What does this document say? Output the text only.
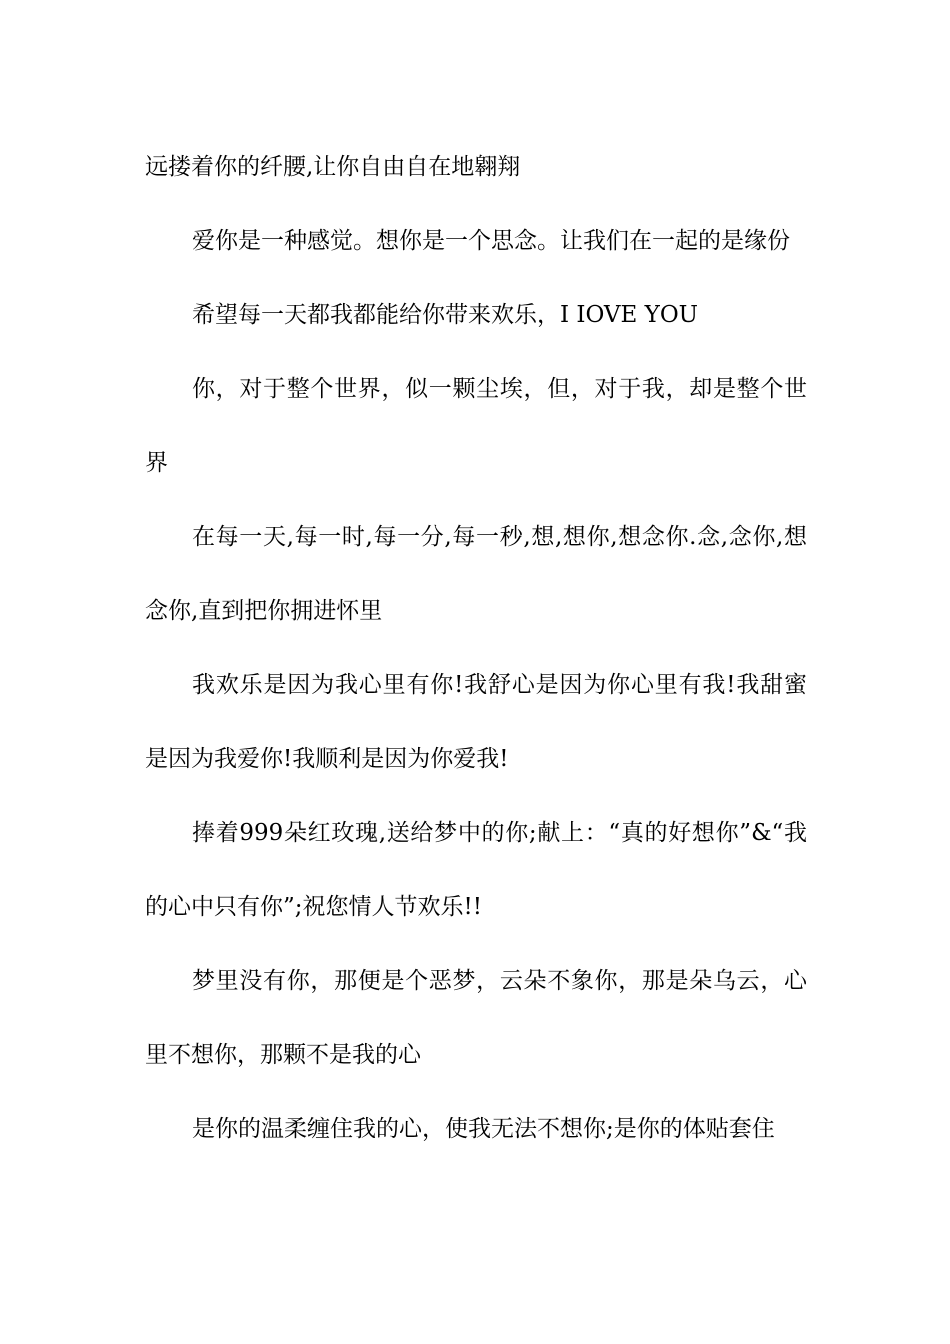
远搂着你的纤腰,让你自由自在地翱翔

爱你是一种感觉。想你是一个思念。让我们在一起的是缘份

希望每一天都我都能给你带来欢乐，I IOVE YOU

你，对于整个世界，似一颗尘埃，但，对于我，却是整个世界

在每一天,每一时,每一分,每一秒,想,想你,想念你.念,念你,想念你,直到把你拥进怀里

我欢乐是因为我心里有你!我舒心是因为你心里有我!我甜蜜是因为我爱你!我顺利是因为你爱我!

捧着999朵红玫瑰,送给梦中的你;献上：“真的好想你”&“我的心中只有你”;祝您情人节欢乐!!

梦里没有你，那便是个恶梦，云朵不象你，那是朵乌云，心里不想你，那颗不是我的心

是你的温柔缠住我的心，使我无法不想你;是你的体贴套住
